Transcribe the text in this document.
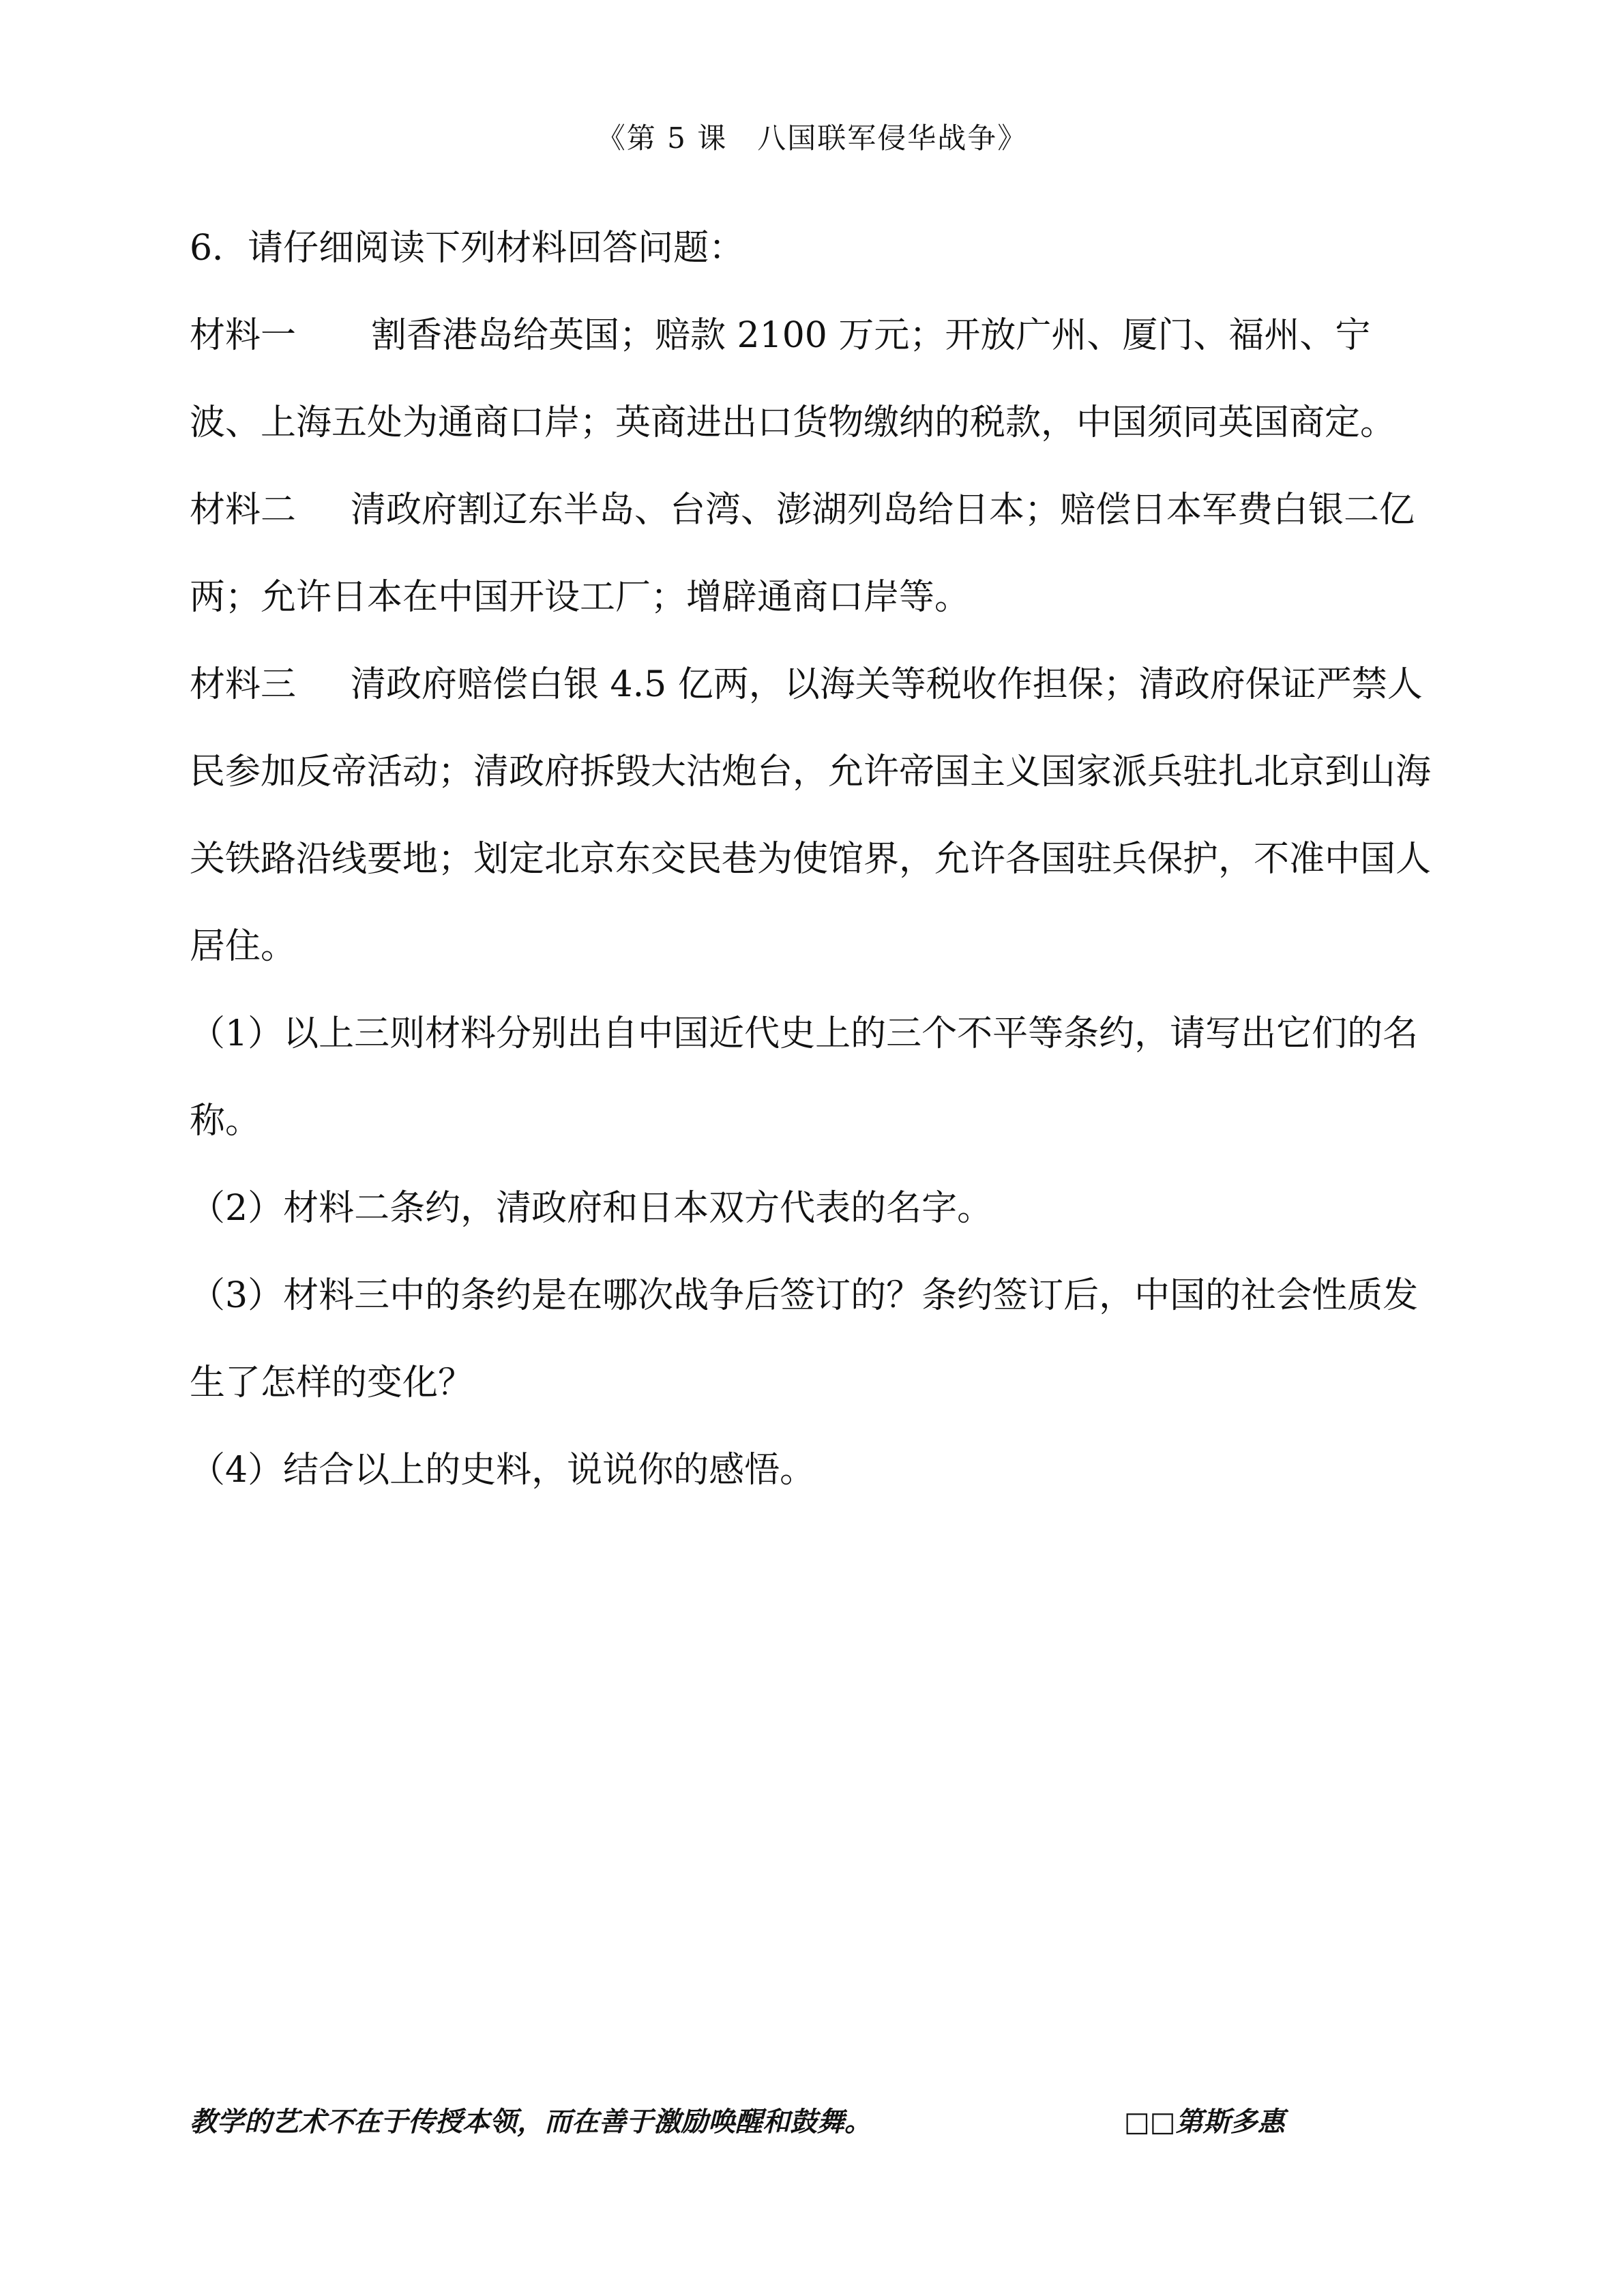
《第 5 课　八国联军侵华战争》

6．请仔细阅读下列材料回答问题：

材料一 割香港岛给英国；赔款 2100 万元；开放广州、厦门、福州、宁波、上海五处为通商口岸；英商进出口货物缴纳的税款，中国须同英国商定。

材料二 清政府割辽东半岛、台湾、澎湖列岛给日本；赔偿日本军费白银二亿两；允许日本在中国开设工厂；增辟通商口岸等。

材料三 清政府赔偿白银 4.5 亿两，以海关等税收作担保；清政府保证严禁人民参加反帝活动；清政府拆毁大沽炮台，允许帝国主义国家派兵驻扎北京到山海关铁路沿线要地；划定北京东交民巷为使馆界，允许各国驻兵保护，不准中国人居住。

（1）以上三则材料分别出自中国近代史上的三个不平等条约，请写出它们的名称。

（2）材料二条约，清政府和日本双方代表的名字。

（3）材料三中的条约是在哪次战争后签订的？条约签订后，中国的社会性质发生了怎样的变化？

（4）结合以上的史料，说说你的感悟。

教学的艺术不在于传授本领，而在善于激励唤醒和鼓舞。	□□第斯多惠
